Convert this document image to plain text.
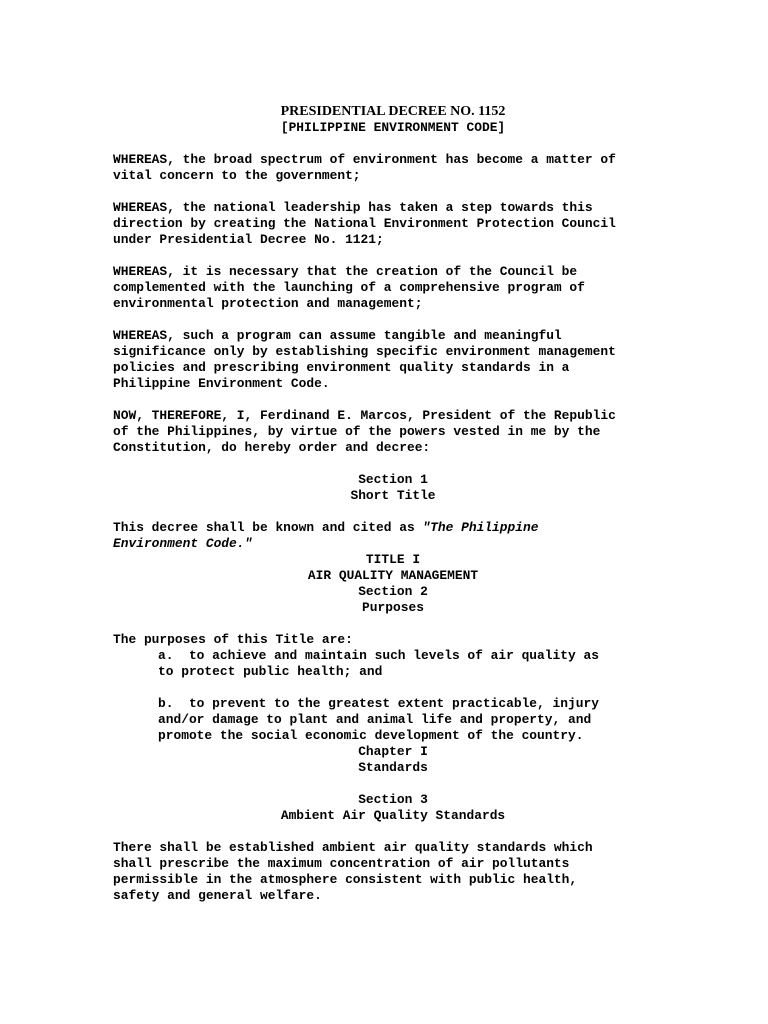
PRESIDENTIAL DECREE NO. 1152

[PHILIPPINE ENVIRONMENT CODE]

WHEREAS, the broad spectrum of environment has become a matter of
vital concern to the government;

WHEREAS, the national leadership has taken a step towards this
direction by creating the National Environment Protection Council
under Presidential Decree No. 1121;

WHEREAS, it is necessary that the creation of the Council be
complemented with the launching of a comprehensive program of
environmental protection and management;

WHEREAS, such a program can assume tangible and meaningful
significance only by establishing specific environment management
policies and prescribing environment quality standards in a
Philippine Environment Code.

NOW, THEREFORE, I, Ferdinand E. Marcos, President of the Republic
of the Philippines, by virtue of the powers vested in me by the
Constitution, do hereby order and decree:

Section 1

Short Title

This decree shall be known and cited as "The Philippine
Environment Code."

TITLE I

AIR QUALITY MANAGEMENT

Section 2

Purposes

The purposes of this Title are:

a.  to achieve and maintain such levels of air quality as
to protect public health; and

b.  to prevent to the greatest extent practicable, injury
and/or damage to plant and animal life and property, and
promote the social economic development of the country.

Chapter I

Standards

Section 3

Ambient Air Quality Standards

There shall be established ambient air quality standards which
shall prescribe the maximum concentration of air pollutants
permissible in the atmosphere consistent with public health,
safety and general welfare.
